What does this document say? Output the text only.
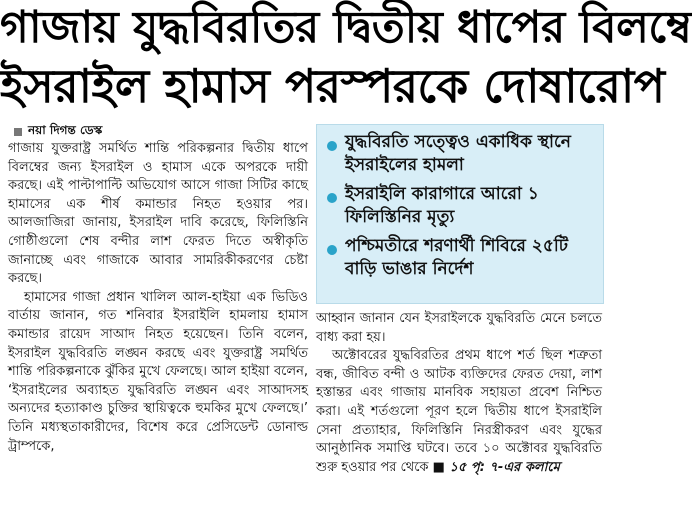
গাজায় যুদ্ধবিরতির দ্বিতীয় ধাপের বিলম্বে
ইসরাইল হামাস পরস্পরকে দোষারোপ
নয়া দিগন্ত ডেস্ক

গাজায় যুক্তরাষ্ট্র সমর্থিত শান্তি পরিকল্পনার দ্বিতীয় ধাপে বিলম্বের জন্য ইসরাইল ও হামাস একে অপরকে দায়ী করছে। এই পাল্টাপাল্টি অভিযোগ আসে গাজা সিটির কাছে হামাসের এক শীর্ষ কমান্ডার নিহত হওয়ার পর। আলজাজিরা জানায়, ইসরাইল দাবি করেছে, ফিলিস্তিনি গোষ্ঠীগুলো শেষ বন্দীর লাশ ফেরত দিতে অস্বীকৃতি জানাচ্ছে এবং গাজাকে আবার সামরিকীকরণের চেষ্টা করছে।

হামাসের গাজা প্রধান খালিল আল-হাইয়া এক ভিডিও বার্তায় জানান, গত শনিবার ইসরাইলি হামলায় হামাস কমান্ডার রায়েদ সাআদ নিহত হয়েছেন। তিনি বলেন, ইসরাইল যুদ্ধবিরতি লঙ্ঘন করছে এবং যুক্তরাষ্ট্র সমর্থিত শান্তি পরিকল্পনাকে ঝুঁকির মুখে ফেলছে। আল হাইয়া বলেন, ‘ইসরাইলের অব্যাহত যুদ্ধবিরতি লঙ্ঘন এবং সাআদসহ অন্যদের হত্যাকাণ্ড চুক্তির স্থায়িত্বকে হুমকির মুখে ফেলছে।’ তিনি মধ্যস্থতাকারীদের, বিশেষ করে প্রেসিডেন্ট ডোনাল্ড ট্রাম্পকে,

যুদ্ধবিরতি সত্ত্বেও একাধিক স্থানে ইসরাইলের হামলা
ইসরাইলি কারাগারে আরো ১ ফিলিস্তিনির মৃত্যু
পশ্চিমতীরে শরণার্থী শিবিরে ২৫টি বাড়ি ভাঙার নির্দেশ

আহ্বান জানান যেন ইসরাইলকে যুদ্ধবিরতি মেনে চলতে বাধ্য করা হয়।

অক্টোবরের যুদ্ধবিরতির প্রথম ধাপে শর্ত ছিল শত্রুতা বন্ধ, জীবিত বন্দী ও আটক ব্যক্তিদের ফেরত দেয়া, লাশ হস্তান্তর এবং গাজায় মানবিক সহায়তা প্রবেশ নিশ্চিত করা। এই শর্তগুলো পূরণ হলে দ্বিতীয় ধাপে ইসরাইলি সেনা প্রত্যাহার, ফিলিস্তিনি নিরস্ত্রীকরণ এবং যুদ্ধের আনুষ্ঠানিক সমাপ্তি ঘটবে। তবে ১০ অক্টোবর যুদ্ধবিরতি শুরু হওয়ার পর থেকে ■ ১৫ পৃ: ৭-এর কলামে
